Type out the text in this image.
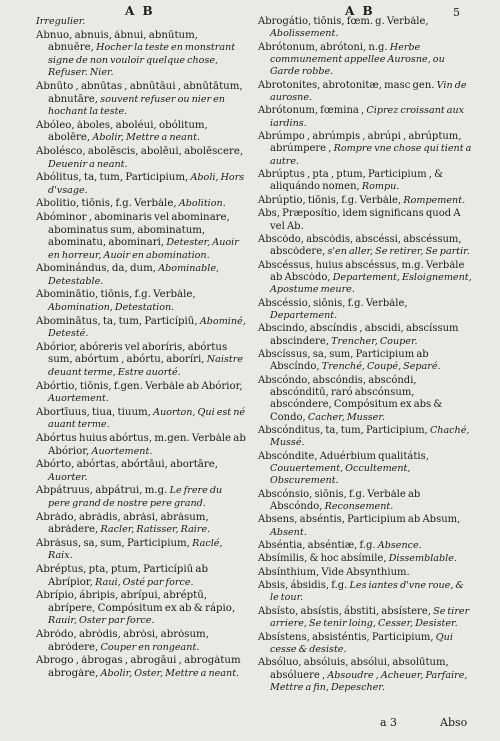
A B	A B	5

Irregulier.

Abnuo, abnuis, ȧbnui, abnūtum, abnuēre, Hocher la teste en monstrant signe de non vouloir quelque chose, Refuser. Nier.

Abnūto , abnūtas , abnūtāui , abnūtātum, abnutāre, souvent refuser ou nier en hochant la teste.

Abóleo, ȧboles, aboléui, obólitum, abolēre, Abolir, Mettre a neant.

Abolésco, abolēscis, abolēui, abolēscere, Deuenir a neant.

Abólitus, ta, tum, Participium, Aboli, Hors d'vsage.

Abolitio, tiōnis, f.g. Verbȧle, Abolition.

Abóminor , abominaris vel abominare, abominatus sum, abominatum, abominatu, abominari, Detester, Auoir en horreur, Auoir en abomination.

Abominándus, da, dum, Abominable, Detestable.

Abominātio, tiōnis, f.g. Verbȧle, Abomination, Detestation.

Abominātus, ta, tum, Particípiū, Abominé, Detesté.

Abórior, abóreris vel aboríris, abórtus sum, abórtum , abórtu, aboríri, Naistre deuant terme, Estre auorté.

Abórtio, tiōnis, f.gen. Verbȧle ab Abórior, Auortement.

Abortīuus, tiua, tiuum, Auorton, Qui est né auant terme.

Abórtus huius abórtus, m.gen. Verbȧle ab Abórior, Auortement.

Abórto, abórtas, abórtāui, abortāre, Auorter.

Abpátruus, abpátrui, m.g. Le frere du pere grand de nostre pere grand.

Abrȧdo, abrȧdis, abrȧsi, abrȧsum, abrȧdere, Racler, Ratisser, Raire.

Abrȧsus, sa, sum, Participium, Raclé, Raix.

Abréptus, pta, ptum, Particípiū ab Abrípior, Raui, Osté par force.

Abrípio, ábripis, abrípui, abréptū, abrípere, Compósitum ex ab & rápio, Rauir, Oster par force.

Abrȯdo, abrȯdis, abrȯsi, abrȯsum, abrȯdere, Couper en rongeant.

Abrogo , ȧbrogas , abrogāui , abrogȧtum abrogȧre, Abolir, Oster, Mettre a neant.

Abrogátio, tiōnis, fœm. g. Verbȧle, Abolissement.

Abrótonum, abrótoni, n.g. Herbe communement appellee Aurosne, ou Garde robbe.

Abrotonites, abrotonitæ, masc gen. Vin de aurosne.

Abrótonum, fœmina , Ciprez croissant aux iardins.

Abrúmpo , abrúmpis , abrúpi , abrúptum, abrúmpere , Rompre vne chose qui tient a autre.

Abrúptus , pta , ptum, Participium , & aliquándo nomen, Rompu.

Abrúptio, tiōnis, f.g. Verbȧle, Rompement.

Abs, Præposítio, idem significans quod A vel Ab.

Abscȯdo, abscȯdis, abscéssi, abscéssum, abscȯdere, s'en aller, Se retirer, Se partir.

Abscéssus, huius abscéssus, m.g. Verbȧle ab Abscȯdo, Departement, Esloignement, Apostume meure.

Abscéssio, siōnis, f.g. Verbȧle, Departement.

Abscindo, abscíndis , abscidi, abscíssum abscindere, Trencher, Couper.

Abscíssus, sa, sum, Participium ab Abscíndo, Trenché, Coupé, Separé.

Abscóndo, abscóndis, abscóndi, abscónditū, raró abscónsum, abscóndere, Compósitum ex abs & Condo, Cacher, Musser.

Abscónditus, ta, tum, Participium, Chaché, Mussé.

Abscóndite, Aduérbium qualitátis, Couuertement, Occultement, Obscurement.

Abscónsio, siōnis, f.g. Verbȧle ab Abscóndo, Reconsement.

Absens, abséntis, Participium ab Absum, Absent.

Abséntia, abséntiæ, f.g. Absence.

Absímilis, & hoc absímile, Dissemblable.

Absínthium, Vide Absynthium.

Absis, ábsidis, f.g. Les iantes d'vne roue, & le tour.

Absísto, absístis, ábstiti, absístere, Se tirer arriere, Se tenir loing, Cesser, Desister.

Absístens, absisténtis, Participium, Qui cesse & desiste.

Absóluo, absóluis, absólui, absolūtum, absóluere , Absoudre , Acheuer, Parfaire, Mettre a fin, Depescher.

a 3	Abso
